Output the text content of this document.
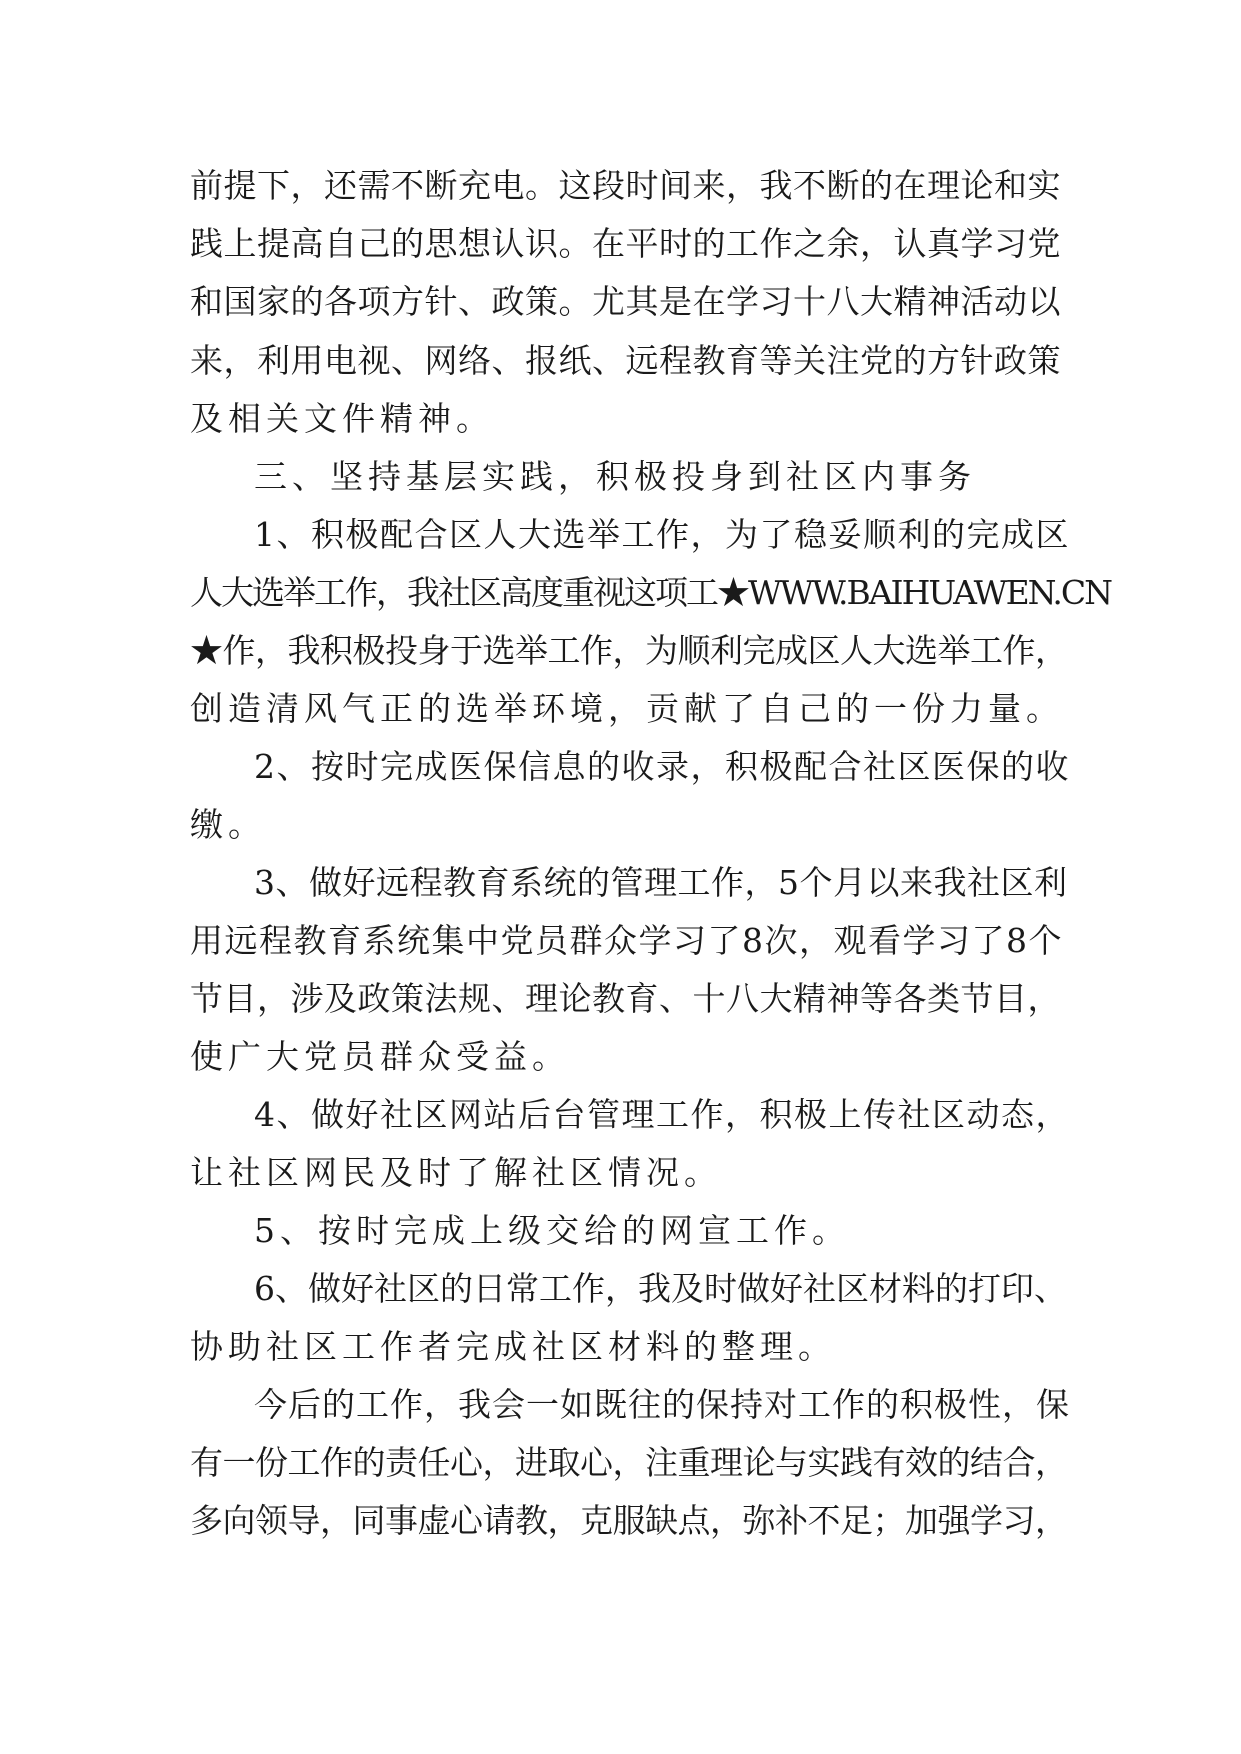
前提下，还需不断充电。这段时间来，我不断的在理论和实
践上提高自己的思想认识。在平时的工作之余，认真学习党
和国家的各项方针、政策。尤其是在学习十八大精神活动以
来，利用电视、网络、报纸、远程教育等关注党的方针政策
及相关文件精神。
三、坚持基层实践，积极投身到社区内事务
1、积极配合区人大选举工作，为了稳妥顺利的完成区
人大选举工作，我社区高度重视这项工★WWW.BAIHUAWEN.CN
★作，我积极投身于选举工作，为顺利完成区人大选举工作，
创造清风气正的选举环境，贡献了自己的一份力量。
2、按时完成医保信息的收录，积极配合社区医保的收
缴。
3、做好远程教育系统的管理工作，5个月以来我社区利
用远程教育系统集中党员群众学习了8次，观看学习了8个
节目，涉及政策法规、理论教育、十八大精神等各类节目，
使广大党员群众受益。
4、做好社区网站后台管理工作，积极上传社区动态，
让社区网民及时了解社区情况。
5、按时完成上级交给的网宣工作。
6、做好社区的日常工作，我及时做好社区材料的打印、
协助社区工作者完成社区材料的整理。
今后的工作，我会一如既往的保持对工作的积极性，保
有一份工作的责任心，进取心，注重理论与实践有效的结合，
多向领导，同事虚心请教，克服缺点，弥补不足；加强学习，
